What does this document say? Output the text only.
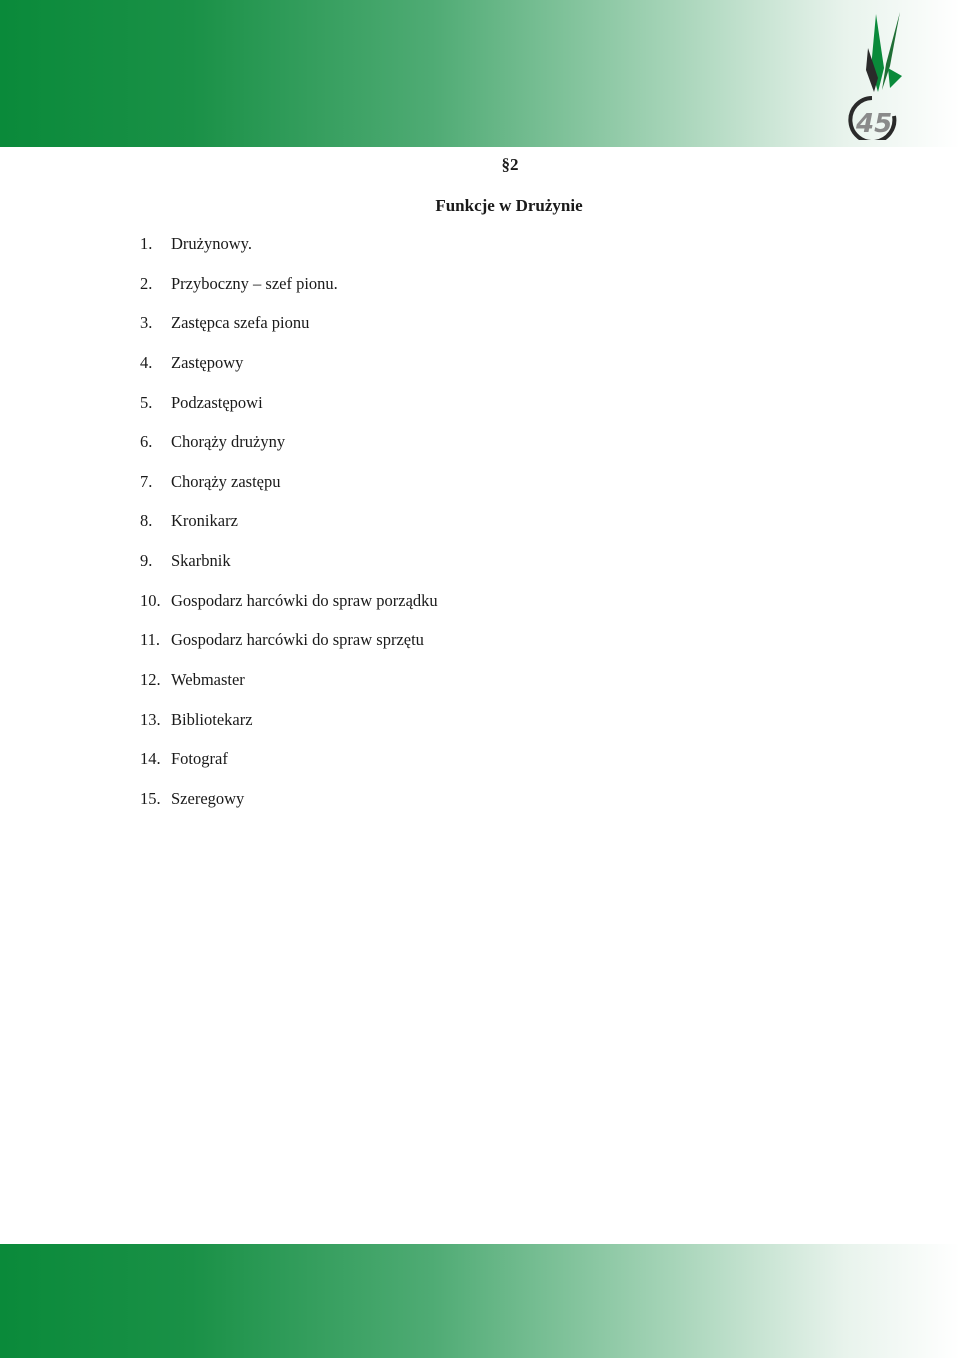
45
§2
Funkcje w Drużynie
1.	Drużynowy.
2.	Przyboczny – szef pionu.
3.	Zastępca szefa pionu
4.	Zastępowy
5.	Podzastępowi
6.	Chorąży drużyny
7.	Chorąży zastępu
8.	Kronikarz
9.	Skarbnik
10. Gospodarz harcówki do spraw porządku
11. Gospodarz harcówki do spraw sprzętu
12. Webmaster
13. Bibliotekarz
14. Fotograf
15. Szeregowy
